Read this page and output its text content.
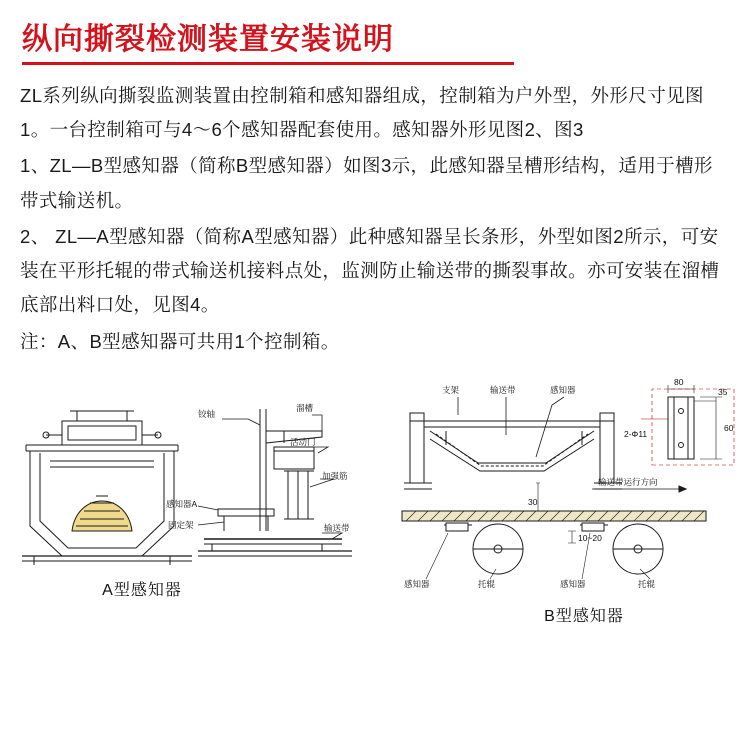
纵向撕裂检测装置安装说明

ZL系列纵向撕裂监测装置由控制箱和感知器组成，控制箱为户外型，外形尺寸见图1。一台控制箱可与4～6个感知器配套使用。感知器外形见图2、图3

1、ZL—B型感知器（简称B型感知器）如图3示，此感知器呈槽形结构，适用于槽形带式输送机。

2、 ZL—A型感知器（简称A型感知器）此种感知器呈长条形，外型如图2所示，可安装在平形托辊的带式输送机接料点处，监测防止输送带的撕裂事故。亦可安装在溜槽底部出料口处，见图4。

注：A、B型感知器可共用1个控制箱。

铰轴
溜槽
活动门
感知器A
固定架
加强筋
输送带
A型感知器
支架	输送带	感知器
80
35
60
2-Φ11
30
10~20
输送带运行方向
感知器	托辊	感知器	托辊
B型感知器
